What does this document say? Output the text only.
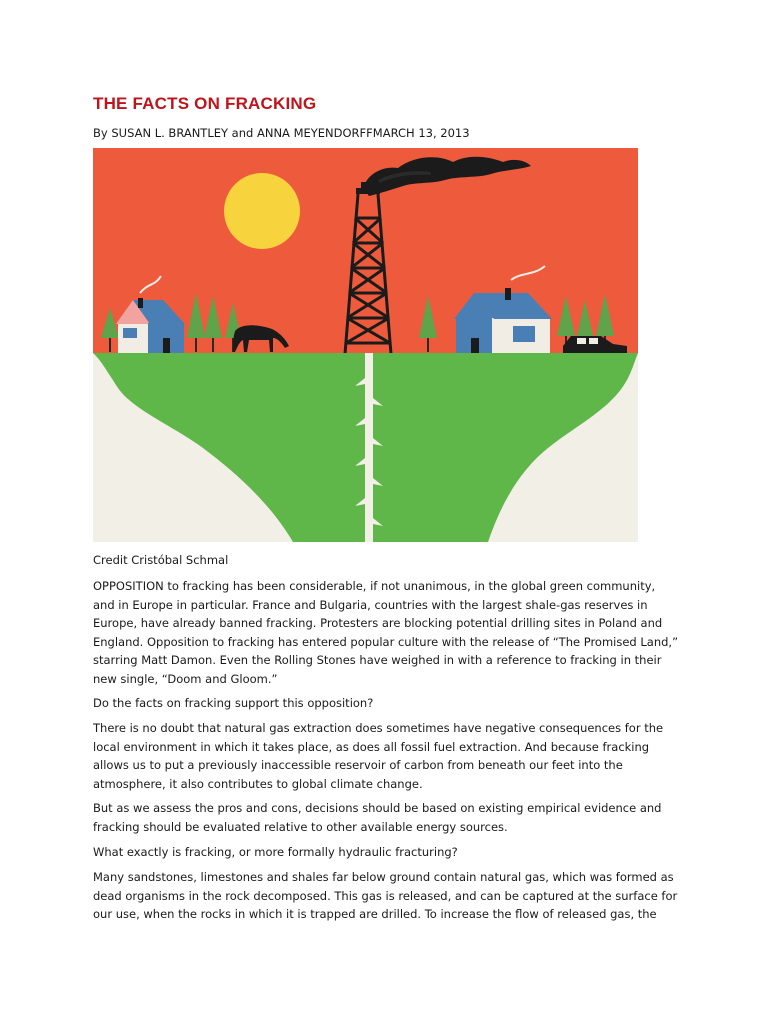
THE FACTS ON FRACKING
By SUSAN L. BRANTLEY and ANNA MEYENDORFFMARCH 13, 2013
Credit Cristóbal Schmal

OPPOSITION to fracking has been considerable, if not unanimous, in the global green community,
and in Europe in particular. France and Bulgaria, countries with the largest shale-gas reserves in
Europe, have already banned fracking. Protesters are blocking potential drilling sites in Poland and
England. Opposition to fracking has entered popular culture with the release of “The Promised Land,”
starring Matt Damon. Even the Rolling Stones have weighed in with a reference to fracking in their
new single, “Doom and Gloom.”

Do the facts on fracking support this opposition?

There is no doubt that natural gas extraction does sometimes have negative consequences for the
local environment in which it takes place, as does all fossil fuel extraction. And because fracking
allows us to put a previously inaccessible reservoir of carbon from beneath our feet into the
atmosphere, it also contributes to global climate change.

But as we assess the pros and cons, decisions should be based on existing empirical evidence and
fracking should be evaluated relative to other available energy sources.

What exactly is fracking, or more formally hydraulic fracturing?

Many sandstones, limestones and shales far below ground contain natural gas, which was formed as
dead organisms in the rock decomposed. This gas is released, and can be captured at the surface for
our use, when the rocks in which it is trapped are drilled. To increase the flow of released gas, the
